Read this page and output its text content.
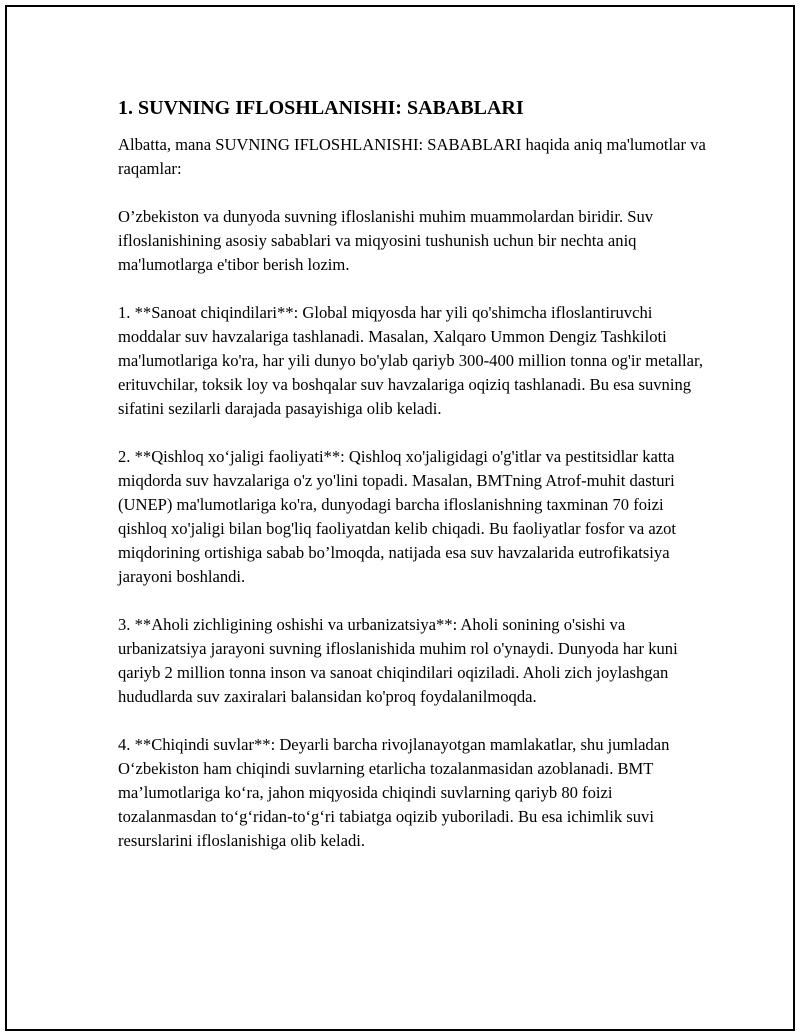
1. SUVNING IFLOSHLANISHI: SABABLARI

Albatta, mana SUVNING IFLOSHLANISHI: SABABLARI haqida aniq ma'lumotlar va raqamlar:

O’zbekiston va dunyoda suvning ifloslanishi muhim muammolardan biridir. Suv ifloslanishining asosiy sabablari va miqyosini tushunish uchun bir nechta aniq ma'lumotlarga e'tibor berish lozim.

1. **Sanoat chiqindilari**: Global miqyosda har yili qo'shimcha ifloslantiruvchi moddalar suv havzalariga tashlanadi. Masalan, Xalqaro Ummon Dengiz Tashkiloti ma'lumotlariga ko'ra, har yili dunyo bo'ylab qariyb 300-400 million tonna og'ir metallar, erituvchilar, toksik loy va boshqalar suv havzalariga oqiziq tashlanadi. Bu esa suvning sifatini sezilarli darajada pasayishiga olib keladi.

2. **Qishloq xo‘jaligi faoliyati**: Qishloq xo'jaligidagi o'g'itlar va pestitsidlar katta miqdorda suv havzalariga o'z yo'lini topadi. Masalan, BMTning Atrof-muhit dasturi (UNEP) ma'lumotlariga ko'ra, dunyodagi barcha ifloslanishning taxminan 70 foizi qishloq xo'jaligi bilan bog'liq faoliyatdan kelib chiqadi. Bu faoliyatlar fosfor va azot miqdorining ortishiga sabab bo’lmoqda, natijada esa suv havzalarida eutrofikatsiya jarayoni boshlandi.

3. **Aholi zichligining oshishi va urbanizatsiya**: Aholi sonining o'sishi va urbanizatsiya jarayoni suvning ifloslanishida muhim rol o'ynaydi. Dunyoda har kuni qariyb 2 million tonna inson va sanoat chiqindilari oqiziladi. Aholi zich joylashgan hududlarda suv zaxiralari balansidan ko'proq foydalanilmoqda.

4. **Chiqindi suvlar**: Deyarli barcha rivojlanayotgan mamlakatlar, shu jumladan O‘zbekiston ham chiqindi suvlarning etarlicha tozalanmasidan azoblanadi. BMT ma’lumotlariga ko‘ra, jahon miqyosida chiqindi suvlarning qariyb 80 foizi tozalanmasdan to‘g‘ridan-to‘g‘ri tabiatga oqizib yuboriladi. Bu esa ichimlik suvi resurslarini ifloslanishiga olib keladi.
